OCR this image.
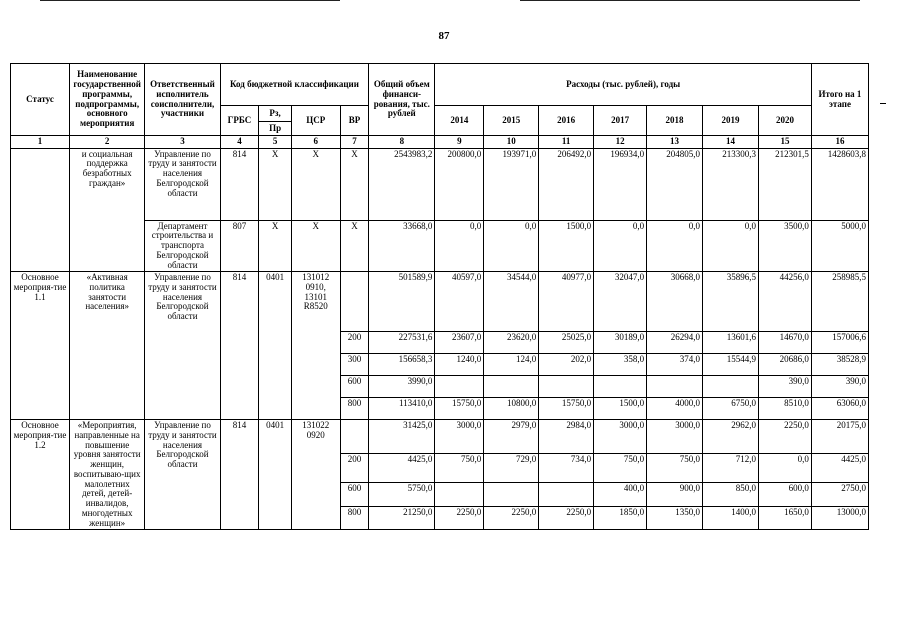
87
Статус	Наименование государственной программы, подпрограммы, основного мероприятия	Ответственный исполнитель соисполнители, участники	Код бюджетной классификации				Общий объем финанси-рования, тыс. рублей	Расходы (тыс. рублей), годы							Итого на 1 этапе
			ГРБС	Рз,	ЦСР	ВР		2014	2015	2016	2017	2018	2019	2020	
				Пр											
1	2	3	4	5	6	7	8	9	10	11	12	13	14	15	16
	и социальная поддержка безработных граждан»	Управление по труду и занятости населения Белгородской области	814	X	X	X	2543983,2	200800,0	193971,0	206492,0	196934,0	204805,0	213300,3	212301,5	1428603,8
		Департамент строительства и транспорта Белгородской области	807	X	X	X	33668,0	0,0	0,0	1500,0	0,0	0,0	0,0	3500,0	5000,0
Основное мероприя-тие 1.1	«Активная политика занятости населения»	Управление по труду и занятости населения Белгородской области	814	0401	131012 0910, 13101 R8520		501589,9	40597,0	34544,0	40977,0	32047,0	30668,0	35896,5	44256,0	258985,5
						200	227531,6	23607,0	23620,0	25025,0	30189,0	26294,0	13601,6	14670,0	157006,6
						300	156658,3	1240,0	124,0	202,0	358,0	374,0	15544,9	20686,0	38528,9
						600	3990,0							390,0	390,0
						800	113410,0	15750,0	10800,0	15750,0	1500,0	4000,0	6750,0	8510,0	63060,0
Основное мероприя-тие 1.2	«Мероприятия, направленные на повышение уровня занятости женщин, воспитываю-щих малолетних детей, детей-инвалидов, многодетных женщин»	Управление по труду и занятости населения Белгородской области	814	0401	131022 0920		31425,0	3000,0	2979,0	2984,0	3000,0	3000,0	2962,0	2250,0	20175,0
						200	4425,0	750,0	729,0	734,0	750,0	750,0	712,0	0,0	4425,0
						600	5750,0				400,0	900,0	850,0	600,0	2750,0
						800	21250,0	2250,0	2250,0	2250,0	1850,0	1350,0	1400,0	1650,0	13000,0
